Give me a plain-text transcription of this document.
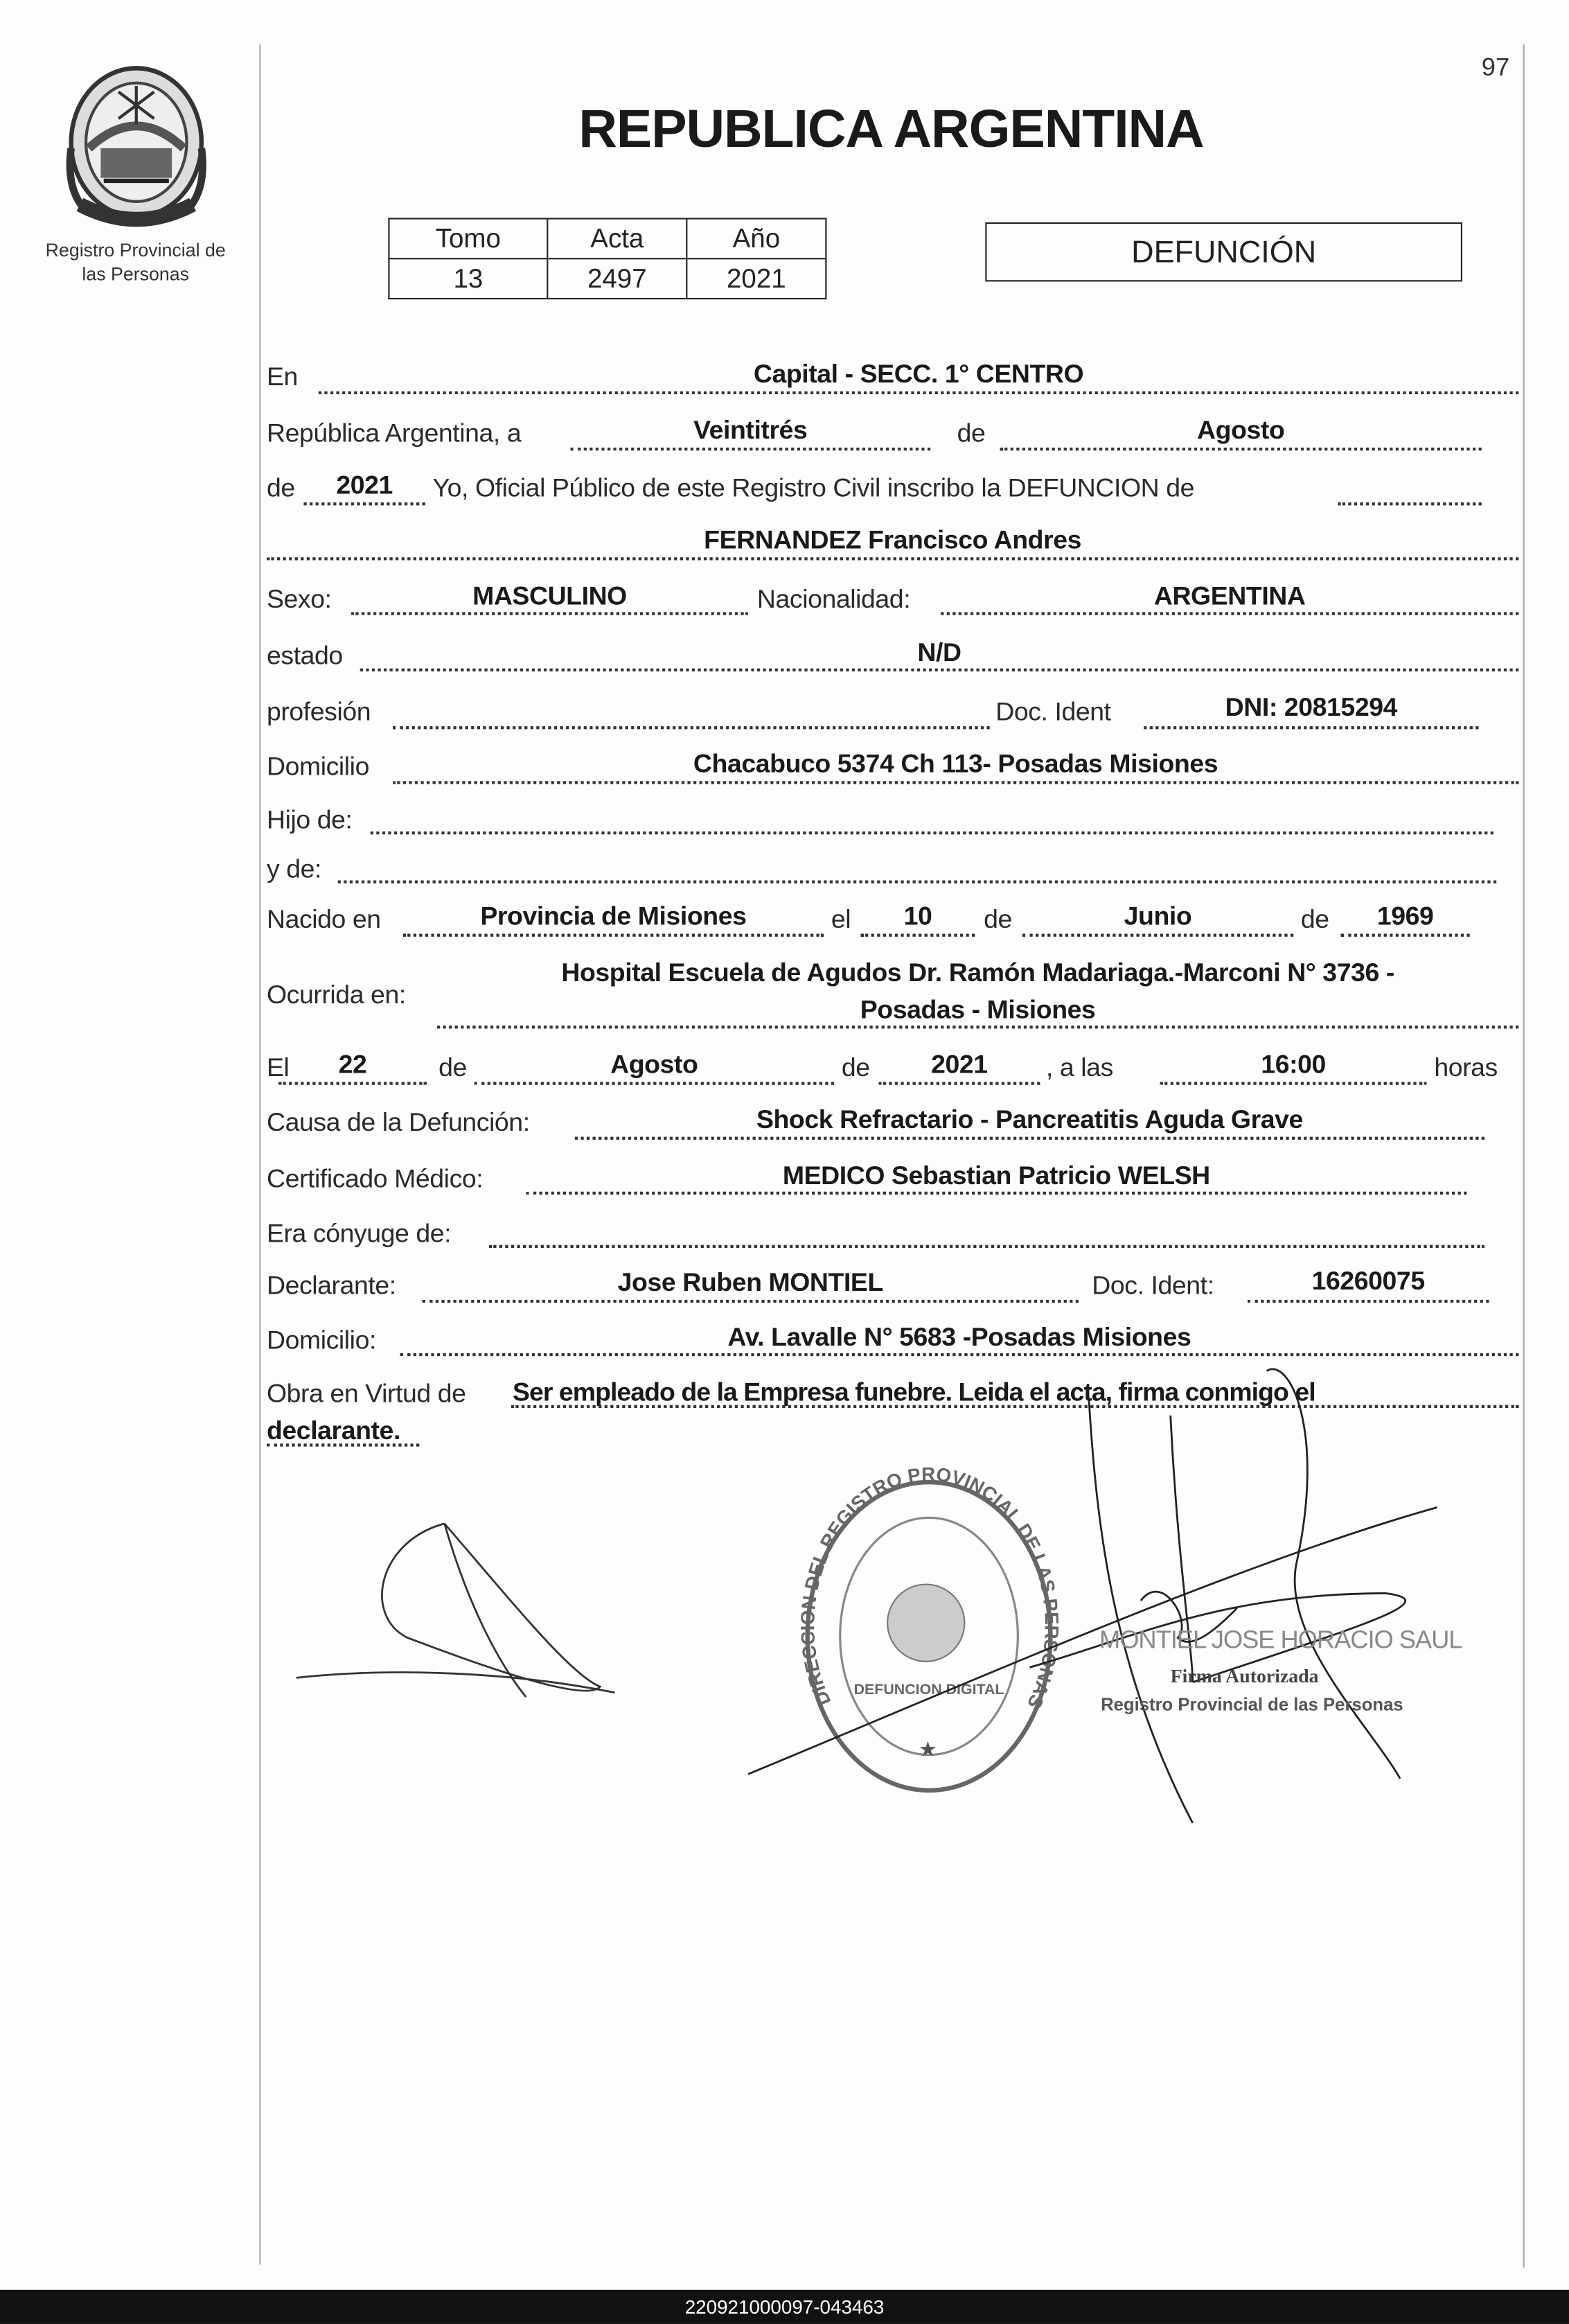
Registro Provincial de
las Personas
97
REPUBLICA ARGENTINA
Tomo	Acta	Año
13	2497	2021
DEFUNCIÓN
En	Capital - SECC. 1° CENTRO
República Argentina, a	Veintitrés	de	Agosto
de	2021	Yo, Oficial Público de este Registro Civil inscribo la DEFUNCION de
FERNANDEZ Francisco Andres
Sexo:	MASCULINO	Nacionalidad:	ARGENTINA
estado	N/D
profesión	Doc. Ident	DNI: 20815294
Domicilio	Chacabuco 5374 Ch 113- Posadas Misiones
Hijo de:
y de:
Nacido en	Provincia de Misiones	el	10	de	Junio	de	1969
Ocurrida en:
Hospital Escuela de Agudos Dr. Ramón Madariaga.-Marconi N° 3736 -
Posadas - Misiones
El	22	de	Agosto	de	2021	, a las	16:00	horas
Causa de la Defunción:	Shock Refractario - Pancreatitis Aguda Grave
Certificado Médico:	MEDICO Sebastian Patricio WELSH
Era cónyuge de:
Declarante:	Jose Ruben MONTIEL	Doc. Ident:	16260075
Domicilio:	Av. Lavalle N° 5683 -Posadas Misiones
Obra en Virtud de	Ser empleado de la Empresa funebre. Leida el acta, firma conmigo el
declarante.
DIRECCION DEL REGISTRO PROVINCIAL DE LAS PERSONAS
DEFUNCION DIGITAL
★
MONTIEL JOSE HORACIO SAUL
Firma Autorizada
Registro Provincial de las Personas
220921000097-043463
